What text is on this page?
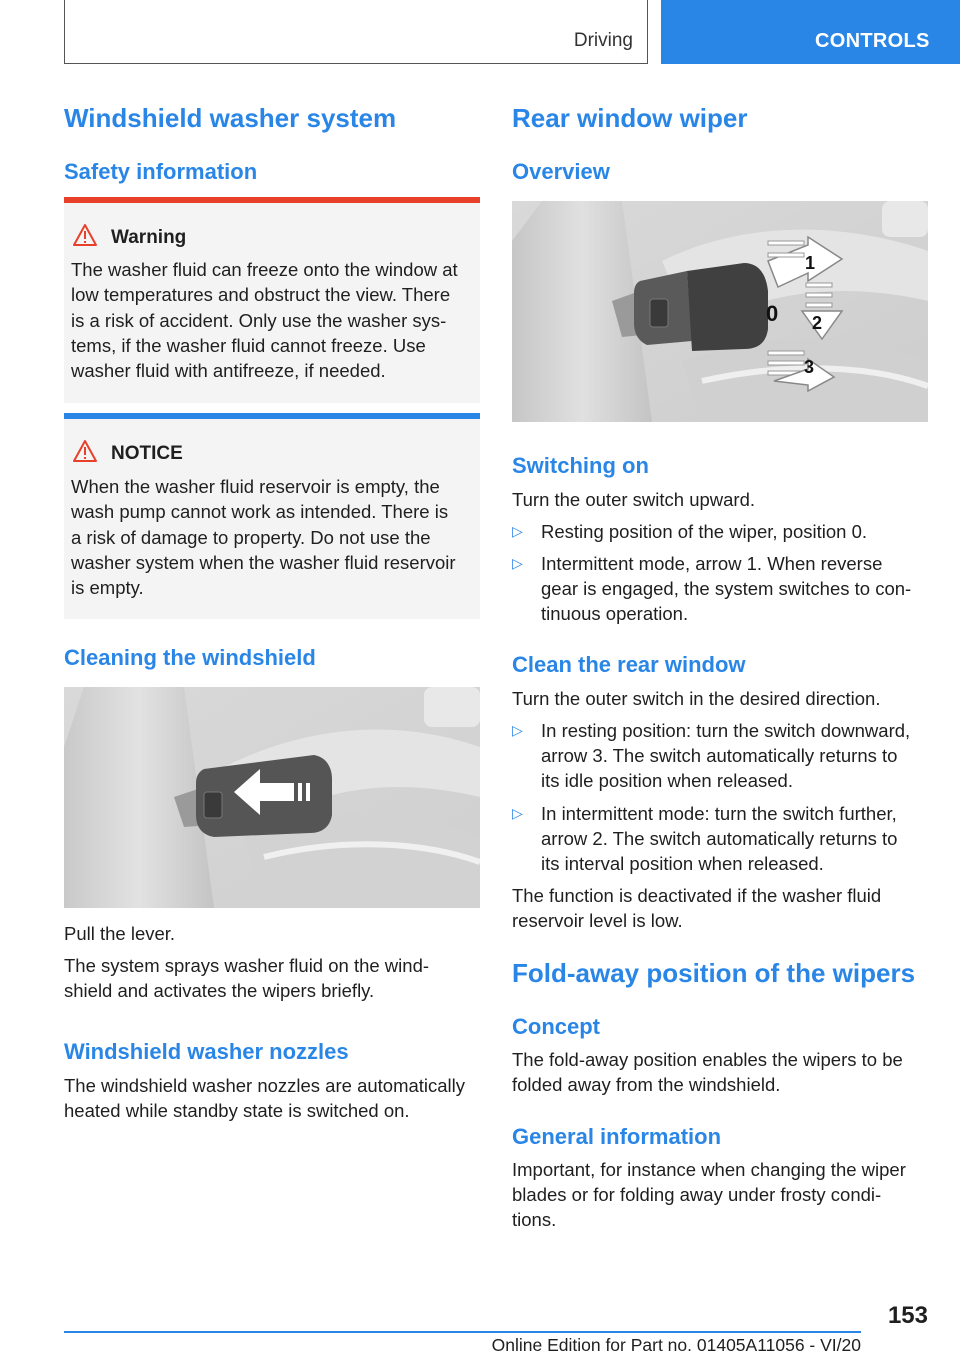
Driving	CONTROLS
Windshield washer system
Safety information
Warning
The washer fluid can freeze onto the window at
low temperatures and obstruct the view. There
is a risk of accident. Only use the washer sys-
tems, if the washer fluid cannot freeze. Use
washer fluid with antifreeze, if needed.
NOTICE
When the washer fluid reservoir is empty, the
wash pump cannot work as intended. There is
a risk of damage to property. Do not use the
washer system when the washer fluid reservoir
is empty.
Cleaning the windshield
Pull the lever.
The system sprays washer fluid on the wind-
shield and activates the wipers briefly.
Windshield washer nozzles
The windshield washer nozzles are automatically
heated while standby state is switched on.
Rear window wiper
Overview
0
1
2
3
Switching on
Turn the outer switch upward.
▷ Resting position of the wiper, position 0.
▷ Intermittent mode, arrow 1. When reverse
gear is engaged, the system switches to con-
tinuous operation.
Clean the rear window
Turn the outer switch in the desired direction.
▷ In resting position: turn the switch downward,
arrow 3. The switch automatically returns to
its idle position when released.
▷ In intermittent mode: turn the switch further,
arrow 2. The switch automatically returns to
its interval position when released.
The function is deactivated if the washer fluid
reservoir level is low.
Fold-away position of the wipers
Concept
The fold-away position enables the wipers to be
folded away from the windshield.
General information
Important, for instance when changing the wiper
blades or for folding away under frosty condi-
tions.
153
Online Edition for Part no. 01405A11056 - VI/20
